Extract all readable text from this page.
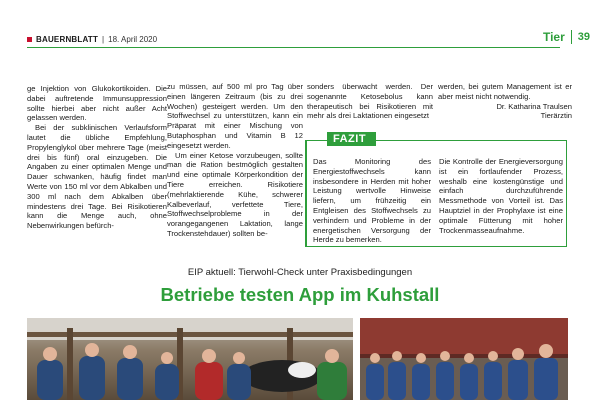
BAUERNBLATT | 18. April 2020	Tier 39

ge Injektion von Glukokortikoiden. Die dabei auftretende Immunsuppression sollte hierbei aber nicht außer Acht gelassen werden.

Bei der subklinischen Verlaufsform lautet die übliche Empfehlung, Propylenglykol über mehrere Tage (meist drei bis fünf) oral einzugeben. Die Angaben zu einer optimalen Menge und Dauer schwanken, häufig findet man Werte von 150 ml vor dem Abkalben und 300 ml nach dem Abkalben über mindestens drei Tage. Bei Risikotieren kann die Menge auch, ohne Nebenwirkungen befürch-

zu müssen, auf 500 ml pro Tag über einen längeren Zeitraum (bis zu drei Wochen) gesteigert werden. Um den Stoffwechsel zu unterstützen, kann ein Präparat mit einer Mischung von Butaphosphan und Vitamin B 12 eingesetzt werden.

Um einer Ketose vorzubeugen, sollte man die Ration bestmöglich gestalten und eine optimale Körperkondition der Tiere erreichen. Risikotiere (mehrlaktierende Kühe, schwerer Kalbeverlauf, verfettete Tiere, Stoffwechselprobleme in der vorangegangenen Laktation, lange Trockenstehdauer) sollten be-

sonders überwacht werden. Der sogenannte Ketosebolus kann therapeutisch bei Risikotieren mit mehr als drei Laktationen eingesetzt

werden, bei gutem Management ist er aber meist nicht notwendig.

Dr. Katharina Traulsen
Tierärztin
FAZIT
Das Monitoring des Energiestoffwechsels kann insbesondere in Herden mit hoher Leistung wertvolle Hinweise liefern, um frühzeitig ein Entgleisen des Stoffwechsels zu verhindern und Probleme in der energetischen Versorgung der Herde zu bemerken.
Die Kontrolle der Energieversorgung ist ein fortlaufender Prozess, weshalb eine kostengünstige und einfach durchzuführende Messmethode von Vorteil ist. Das Hauptziel in der Prophylaxe ist eine optimale Fütterung mit hoher Trockenmasseaufnahme.
EIP aktuell: Tierwohl-Check unter Praxisbedingungen
Betriebe testen App im Kuhstall
